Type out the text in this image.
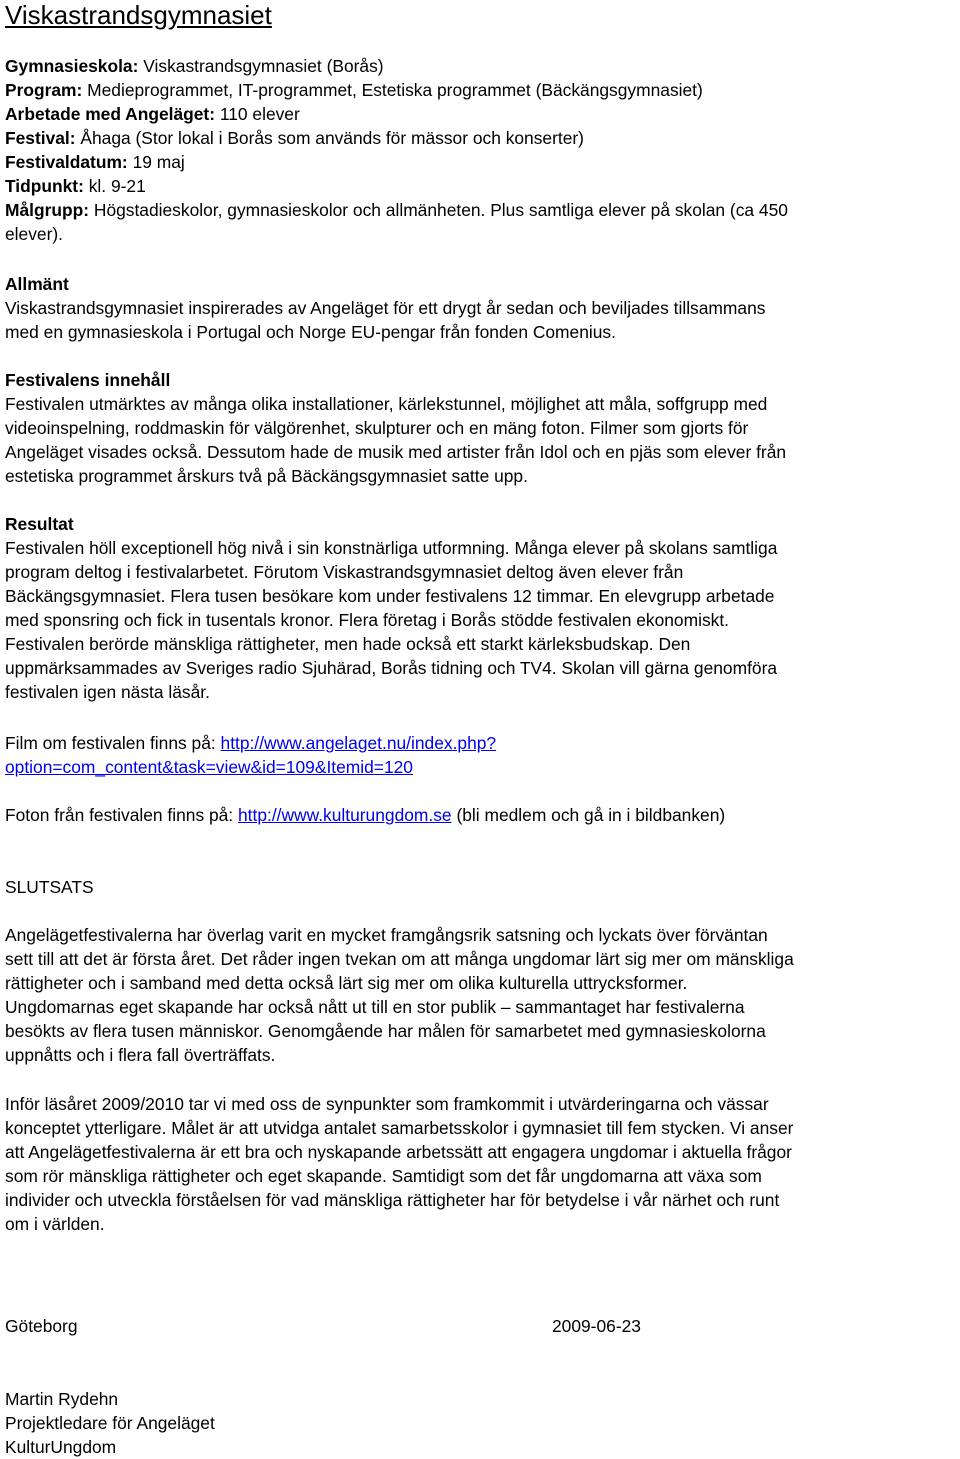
Viskastrandsgymnasiet
Gymnasieskola: Viskastrandsgymnasiet (Borås)
Program: Medieprogrammet, IT-programmet, Estetiska programmet (Bäckängsgymnasiet)
Arbetade med Angeläget: 110 elever
Festival: Åhaga (Stor lokal i Borås som används för mässor och konserter)
Festivaldatum: 19 maj
Tidpunkt: kl. 9-21
Målgrupp: Högstadieskolor, gymnasieskolor och allmänheten. Plus samtliga elever på skolan (ca 450
elever).
Allmänt
Viskastrandsgymnasiet inspirerades av Angeläget för ett drygt år sedan och beviljades tillsammans
med en gymnasieskola i Portugal och Norge EU-pengar från fonden Comenius.
Festivalens innehåll
Festivalen utmärktes av många olika installationer, kärlekstunnel, möjlighet att måla, soffgrupp med
videoinspelning, roddmaskin för välgörenhet, skulpturer och en mäng foton. Filmer som gjorts för
Angeläget visades också. Dessutom hade de musik med artister från Idol och en pjäs som elever från
estetiska programmet årskurs två på Bäckängsgymnasiet satte upp.
Resultat
Festivalen höll exceptionell hög nivå i sin konstnärliga utformning. Många elever på skolans samtliga
program deltog i festivalarbetet. Förutom Viskastrandsgymnasiet deltog även elever från
Bäckängsgymnasiet. Flera tusen besökare kom under festivalens 12 timmar. En elevgrupp arbetade
med sponsring och fick in tusentals kronor. Flera företag i Borås stödde festivalen ekonomiskt.
Festivalen berörde mänskliga rättigheter, men hade också ett starkt kärleksbudskap. Den
uppmärksammades av Sveriges radio Sjuhärad, Borås tidning och TV4. Skolan vill gärna genomföra
festivalen igen nästa läsår.
Film om festivalen finns på: http://www.angelaget.nu/index.php?
option=com_content&task=view&id=109&Itemid=120
Foton från festivalen finns på: http://www.kulturungdom.se (bli medlem och gå in i bildbanken)
SLUTSATS
Angelägetfestivalerna har överlag varit en mycket framgångsrik satsning och lyckats över förväntan
sett till att det är första året. Det råder ingen tvekan om att många ungdomar lärt sig mer om mänskliga
rättigheter och i samband med detta också lärt sig mer om olika kulturella uttrycksformer.
Ungdomarnas eget skapande har också nått ut till en stor publik – sammantaget har festivalerna
besökts av flera tusen människor. Genomgående har målen för samarbetet med gymnasieskolorna
uppnåtts och i flera fall överträffats.
Inför läsåret 2009/2010 tar vi med oss de synpunkter som framkommit i utvärderingarna och vässar
konceptet ytterligare. Målet är att utvidga antalet samarbetsskolor i gymnasiet till fem stycken. Vi anser
att Angelägetfestivalerna är ett bra och nyskapande arbetssätt att engagera ungdomar i aktuella frågor
som rör mänskliga rättigheter och eget skapande. Samtidigt som det får ungdomarna att växa som
individer och utveckla förståelsen för vad mänskliga rättigheter har för betydelse i vår närhet och runt
om i världen.
Göteborg	2009-06-23
Martin Rydehn
Projektledare för Angeläget
KulturUngdom
